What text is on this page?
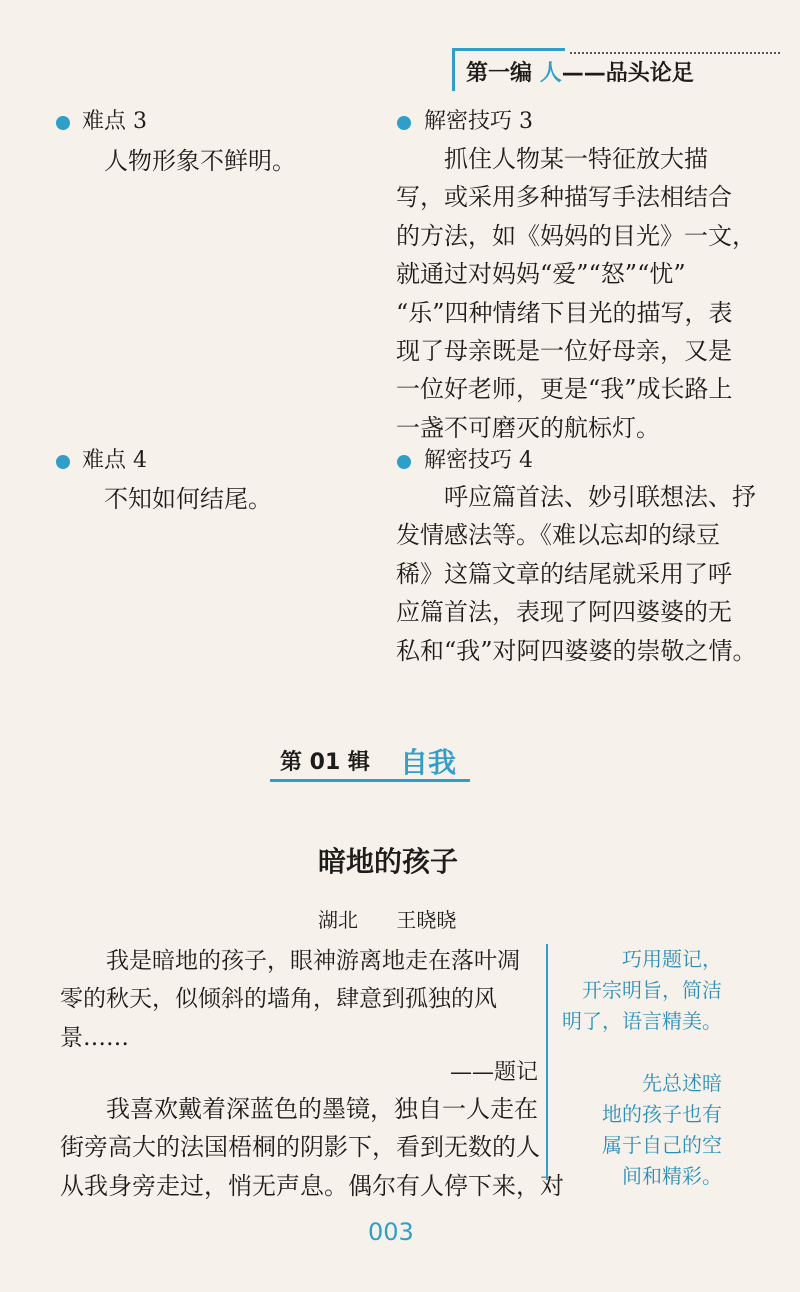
第一编 人——品头论足
难点 3
人物形象不鲜明。
解密技巧 3
抓住人物某一特征放大描
写，或采用多种描写手法相结合
的方法，如《妈妈的目光》一文，
就通过对妈妈“爱”“怒”“忧”
“乐”四种情绪下目光的描写，表
现了母亲既是一位好母亲，又是
一位好老师，更是“我”成长路上
一盏不可磨灭的航标灯。
难点 4
不知如何结尾。
解密技巧 4
呼应篇首法、妙引联想法、抒
发情感法等。《难以忘却的绿豆
稀》这篇文章的结尾就采用了呼
应篇首法，表现了阿四婆婆的无
私和“我”对阿四婆婆的崇敬之情。
第 01 辑 自我
暗地的孩子
湖北 王晓晓
我是暗地的孩子，眼神游离地走在落叶凋
零的秋天，似倾斜的墙角，肆意到孤独的风
景……
——题记
我喜欢戴着深蓝色的墨镜，独自一人走在
街旁高大的法国梧桐的阴影下，看到无数的人
从我身旁走过，悄无声息。偶尔有人停下来，对
巧用题记，
开宗明旨，简洁
明了，语言精美。
先总述暗
地的孩子也有
属于自己的空
间和精彩。
003
